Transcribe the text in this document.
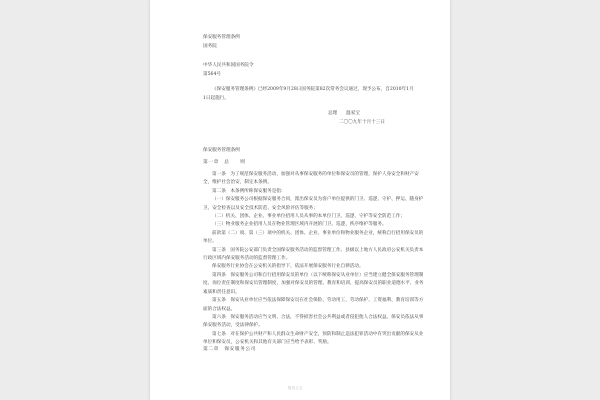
保安服务管理条例
国务院
中华人民共和国国务院令
第564号
《保安服务管理条例》已经2009年9月28日国务院第82次常务会议通过，现予公布，自2010年1月1日起施行。
总理 温家宝
二〇〇九年十月十三日
保安服务管理条例
第一章　总　　则

第一条　为了规范保安服务活动，加强对从事保安服务的单位和保安员的管理，保护人身安全和财产安全，维护社会治安，制定本条例。

第二条　本条例所称保安服务是指：

（一）保安服务公司根据保安服务合同，派出保安员为客户单位提供的门卫、巡逻、守护、押运、随身护卫、安全检查以及安全技术防范、安全风险评估等服务；

（二）机关、团体、企业、事业单位招用人员从事的本单位门卫、巡逻、守护等安全防范工作；

（三）物业服务企业招用人员在物业管理区域内开展的门卫、巡逻、秩序维护等服务。

前款第（二）项、第（三）项中的机关、团体、企业、事业单位和物业服务企业，统称自行招用保安员的单位。

第三条　国务院公安部门负责全国保安服务活动的监督管理工作。县级以上地方人民政府公安机关负责本行政区域内保安服务活动的监督管理工作。

保安服务行业协会在公安机关的指导下，依法开展保安服务行业自律活动。

第四条　保安服务公司和自行招用保安员的单位（以下统称保安从业单位）应当建立健全保安服务管理制度、岗位责任制度和保安员管理制度，加强对保安员的管理、教育和培训，提高保安员的职业道德水平、业务素质和责任意识。

第五条　保安从业单位应当依法保障保安员在社会保险、劳动用工、劳动保护、工资福利、教育培训等方面的合法权益。

第六条　保安服务活动应当文明、合法，不得损害社会公共利益或者侵犯他人合法权益。保安员依法从事保安服务活动，受法律保护。

第七条　对在保护公共财产和人民群众生命财产安全、预防和制止违法犯罪活动中有突出贡献的保安从业单位和保安员，公安机关和其他有关部门应当给予表彰、奖励。

第二章　保安服务公司
报告公文
